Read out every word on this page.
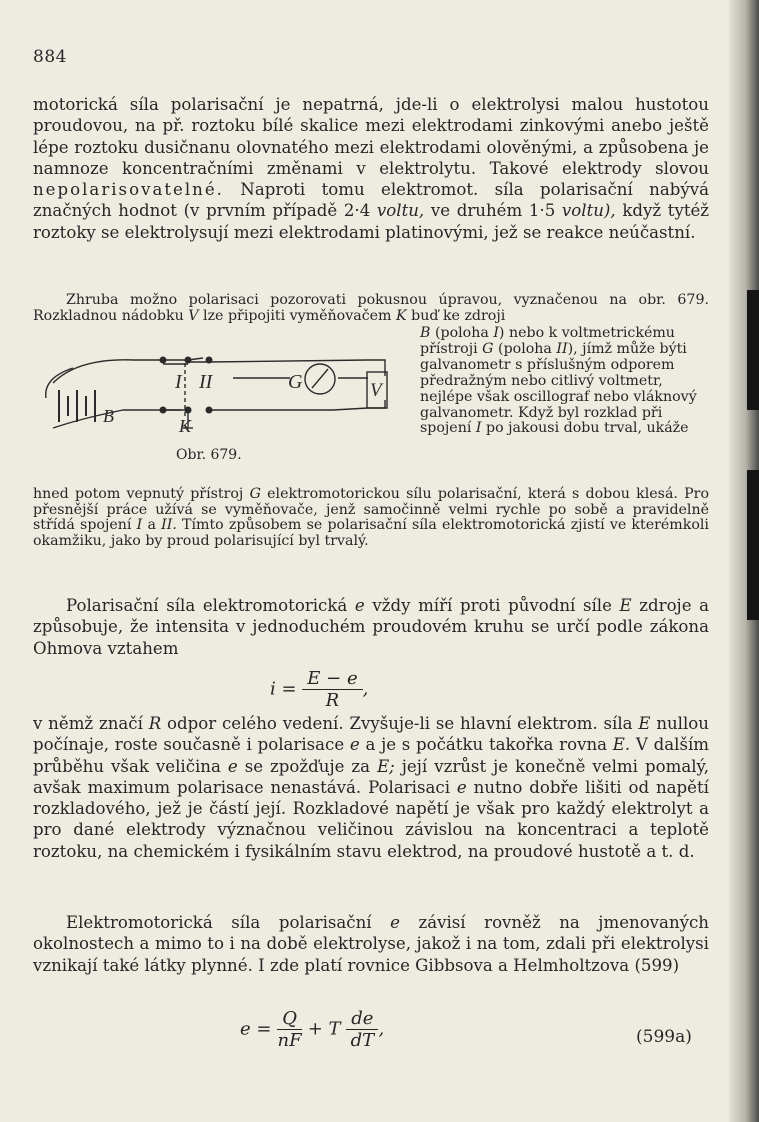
884

motorická síla polarisační je nepatrná, jde-li o elektrolysi malou hustotou proudovou, na př. roztoku bílé skalice mezi elektrodami zinkovými anebo ještě lépe roztoku dusičnanu olovnatého mezi elektrodami olověnými, a způsobena je namnoze koncentračními změnami v elektrolytu. Takové elektrody slovou nepolarisovatelné. Naproti tomu elektromot. síla polarisační nabývá značných hodnot (v prvním případě 2·4 voltu, ve druhém 1·5 voltu), když tytéž roztoky se elektrolysují mezi elektrodami platinovými, jež se reakce neúčastní.

Zhruba možno polarisaci pozorovati pokusnou úpravou, vyznačenou na obr. 679. Rozkladnou nádobku V lze připojiti vyměňovačem K buď ke zdroji

B (poloha I) nebo k voltmetrickému přístroji G (poloha II), jímž může býti galvanometr s příslušným odporem předražným nebo citlivý voltmetr, nejlépe však oscillograf nebo vláknový galvanometr. Když byl rozklad při spojení I po jakousi dobu trval, ukáže

I II	G	V
B	K
Obr. 679.

hned potom vepnutý přístroj G elektromotorickou sílu polarisační, která s dobou klesá. Pro přesnější práce užívá se vyměňovače, jenž samočinně velmi rychle po sobě a pravidelně střídá spojení I a II. Tímto způsobem se polarisační síla elektromotorická zjistí ve kterémkoli okamžiku, jako by proud polarisující byl trvalý.

Polarisační síla elektromotorická e vždy míří proti původní síle E zdroje a způsobuje, že intensita v jednoduchém proudovém kruhu se určí podle zákona Ohmova vztahem

$i = \frac{E - e}{R}$ ,

v němž značí R odpor celého vedení. Zvyšuje-li se hlavní elektrom. síla E nullou počínaje, roste současně i polarisace e a je s počátku takořka rovna E. V dalším průběhu však veličina e se zpožďuje za E; její vzrůst je konečně velmi pomalý, avšak maximum polarisace nenastává. Polarisaci e nutno dobře lišiti od napětí rozkladového, jež je částí její. Rozkladové napětí je však pro každý elektrolyt a pro dané elektrody význačnou veličinou závislou na koncentraci a teplotě roztoku, na chemickém i fysikálním stavu elektrod, na proudové hustotě a t. d.

Elektromotorická síla polarisační e závisí rovněž na jmenovaných okolnostech a mimo to i na době elektrolyse, jakož i na tom, zdali při elektrolysi vznikají také látky plynné. I zde platí rovnice Gibbsova a Helmholtzova (599)

$e = \frac{Q}{nF} + T \frac{de}{dT}$ ,	(599a)
